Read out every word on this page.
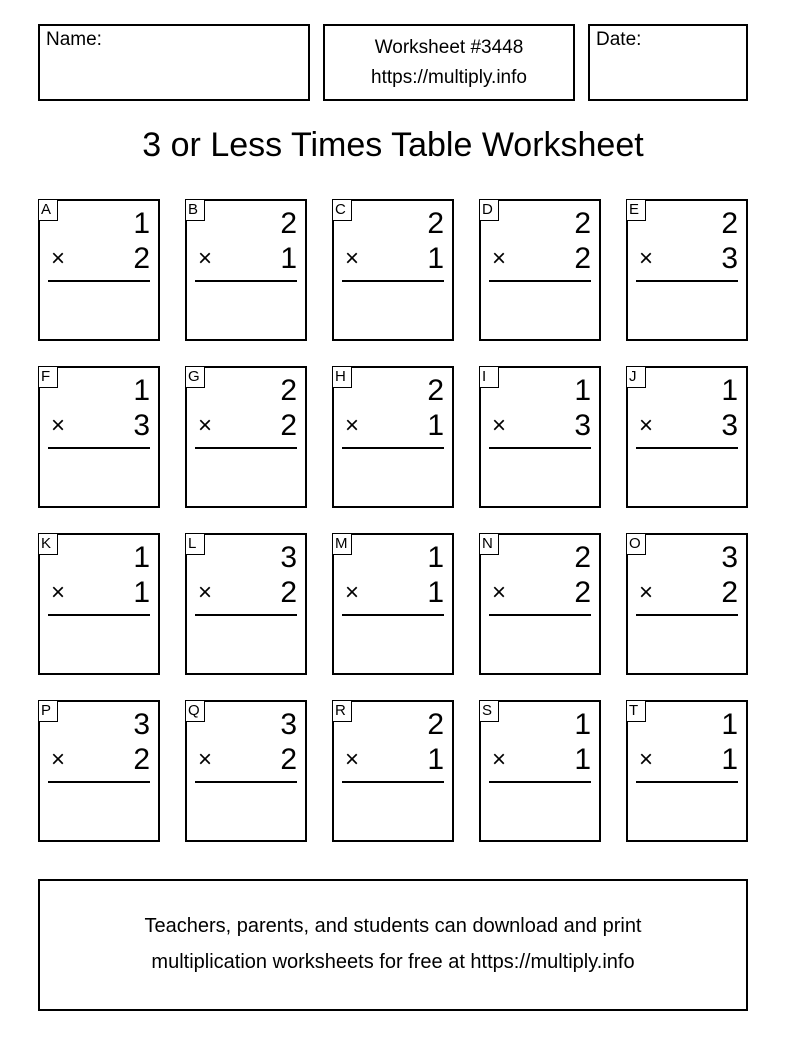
Name:	Worksheet #3448
https://multiply.info
Date:
3 or Less Times Table Worksheet
A	1
× 2
B	2
× 1
C	2
× 1
D	2
× 2
E	2
× 3
F	1
× 3
G	2
× 2
H	2
× 1
I	1
× 3
J	1
× 3
K	1
× 1
L	3
× 2
M	1
× 1
N	2
× 2
O	3
× 2
P	3
× 2
Q	3
× 2
R	2
× 1
S	1
× 1
T	1
× 1
Teachers, parents, and students can download and print
multiplication worksheets for free at https://multiply.info
